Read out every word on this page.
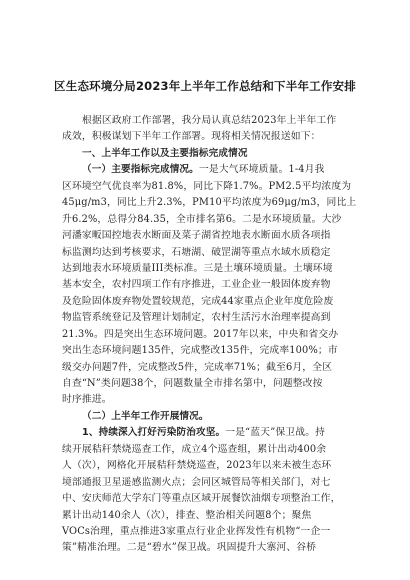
区生态环境分局2023年上半年工作总结和下半年工作安排
根据区政府工作部署，我分局认真总结2023年上半年工作
成效，积极谋划下半年工作部署。现将相关情况报送如下：
一、上半年工作以及主要指标完成情况
（一）主要指标完成情况。一是大气环境质量。1-4月我
区环境空气优良率为81.8%，同比下降1.7%。PM2.5平均浓度为
45μg/m3，同比上升2.3%，PM10平均浓度为69μg/m3，同比上
升6.2%，总得分84.35，全市排名第6。二是水环境质量。大沙
河潘家畈国控地表水断面及菜子湖省控地表水断面水质各项指
标监测均达到考核要求，石塘湖、破罡湖等重点水域水质稳定
达到地表水环境质量III类标准。三是土壤环境质量。土壤环境
基本安全，农村四项工作有序推进，工业企业一般固体废弃物
及危险固体废弃物处置较规范，完成44家重点企业年度危险废
物监管系统登记及管理计划制定，农村生活污水治理率提高到
21.3%。四是突出生态环境问题。2017年以来，中央和省交办
突出生态环境问题135件，完成整改135件，完成率100%；市
级交办问题7件，完成整改5件，完成率71%；截至6月，全区
自查“N”类问题38个，问题数量全市排名第中，问题整改按
时序推进。
（二）上半年工作开展情况。
1、持续深入打好污染防治攻坚。一是“蓝天”保卫战。持
续开展秸秆禁烧巡查工作，成立4个巡查组，累计出动400余
人（次），网格化开展秸秆禁烧巡查，2023年以来未被生态环
境部通报卫星遥感监测火点；会同区城管局等相关部门，对七
中、安庆师范大学东门等重点区域开展餐饮油烟专项整治工作，
累计出动140余人（次），排查、整治相关问题8个；聚焦
VOCs治理，重点推进3家重点行业企业挥发性有机物“一企一
策”精准治理。二是“碧水”保卫战。巩固提升大寨河、谷桥
